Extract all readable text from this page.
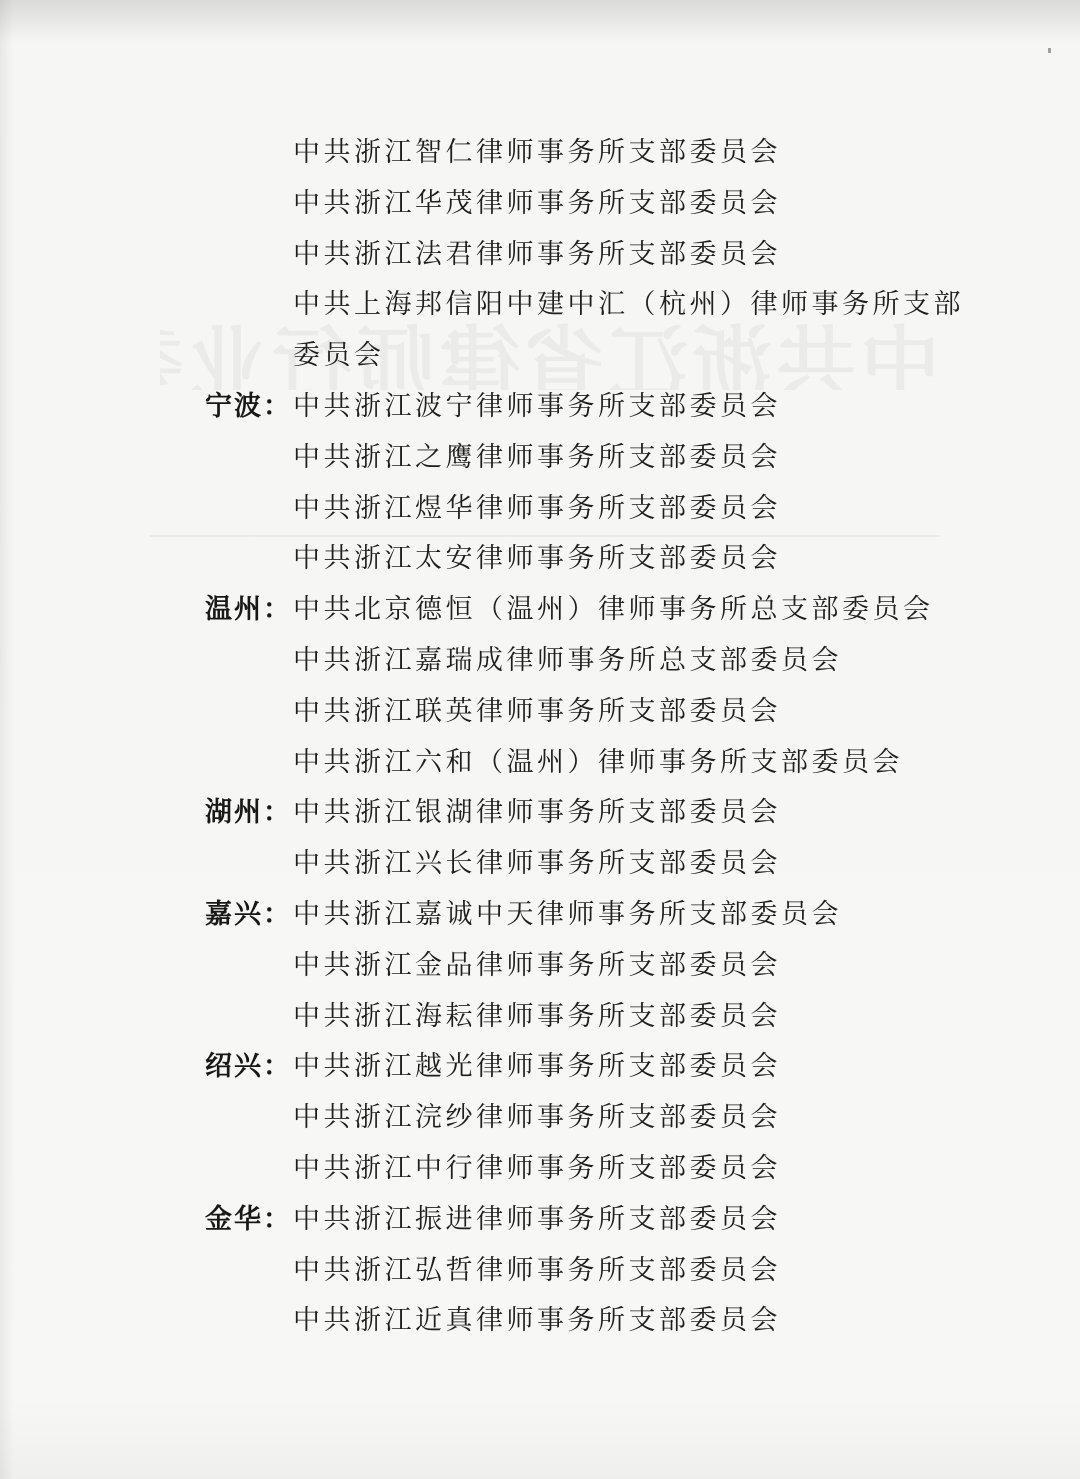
中共浙江智仁律师事务所支部委员会
中共浙江华茂律师事务所支部委员会
中共浙江法君律师事务所支部委员会
中共上海邦信阳中建中汇（杭州）律师事务所支部
委员会
宁波： 中共浙江波宁律师事务所支部委员会
中共浙江之鹰律师事务所支部委员会
中共浙江煜华律师事务所支部委员会
中共浙江太安律师事务所支部委员会
温州： 中共北京德恒（温州）律师事务所总支部委员会
中共浙江嘉瑞成律师事务所总支部委员会
中共浙江联英律师事务所支部委员会
中共浙江六和（温州）律师事务所支部委员会
湖州： 中共浙江银湖律师事务所支部委员会
中共浙江兴长律师事务所支部委员会
嘉兴： 中共浙江嘉诚中天律师事务所支部委员会
中共浙江金品律师事务所支部委员会
中共浙江海耘律师事务所支部委员会
绍兴： 中共浙江越光律师事务所支部委员会
中共浙江浣纱律师事务所支部委员会
中共浙江中行律师事务所支部委员会
金华： 中共浙江振进律师事务所支部委员会
中共浙江弘哲律师事务所支部委员会
中共浙江近真律师事务所支部委员会
